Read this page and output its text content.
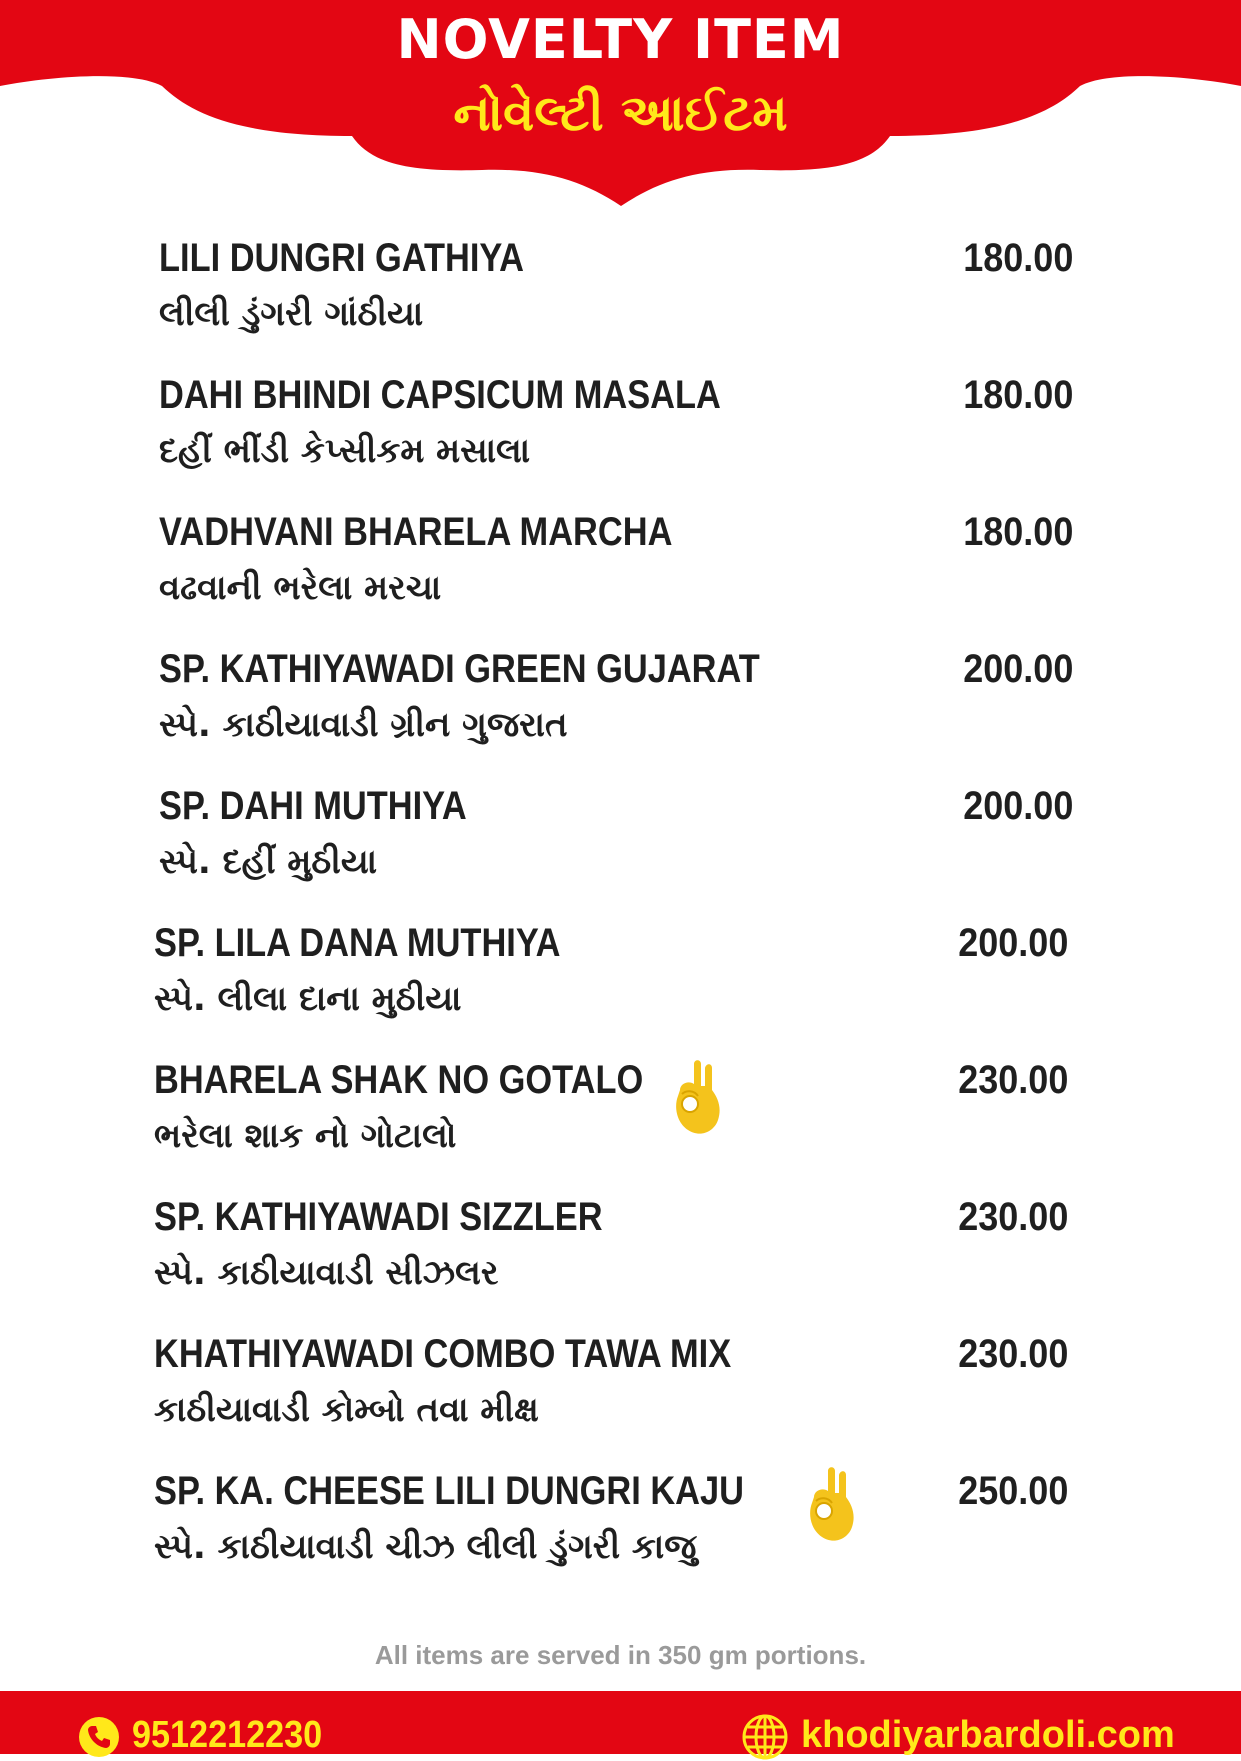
NOVELTY ITEM
નોવેલ્ટી આઈટમ
LILI DUNGRI GATHIYA
લીલી ડુંગરી ગાંઠીયા
180.00
DAHI BHINDI CAPSICUM MASALA
દહીં ભીંડી કેપ્સીકમ મસાલા
180.00
VADHVANI BHARELA MARCHA
વઢવાની ભરેલા મરચા
180.00
SP. KATHIYAWADI GREEN GUJARAT
સ્પે. કાઠીયાવાડી ગ્રીન ગુજરાત
200.00
SP. DAHI MUTHIYA
સ્પે. દહીં મુઠીયા
200.00
SP. LILA DANA MUTHIYA
સ્પે. લીલા દાના મુઠીયા
200.00
BHARELA SHAK NO GOTALO
ભરેલા શાક નો ગોટાલો
230.00
SP. KATHIYAWADI SIZZLER
સ્પે. કાઠીયાવાડી સીઝલર
230.00
KHATHIYAWADI COMBO TAWA MIX
કાઠીયાવાડી કોમ્બો તવા મીક્ષ
230.00
SP. KA. CHEESE LILI DUNGRI KAJU
સ્પે. કાઠીયાવાડી ચીઝ લીલી ડુંગરી કાજુ
250.00
All items are served in 350 gm portions.
9512212230	khodiyarbardoli.com
